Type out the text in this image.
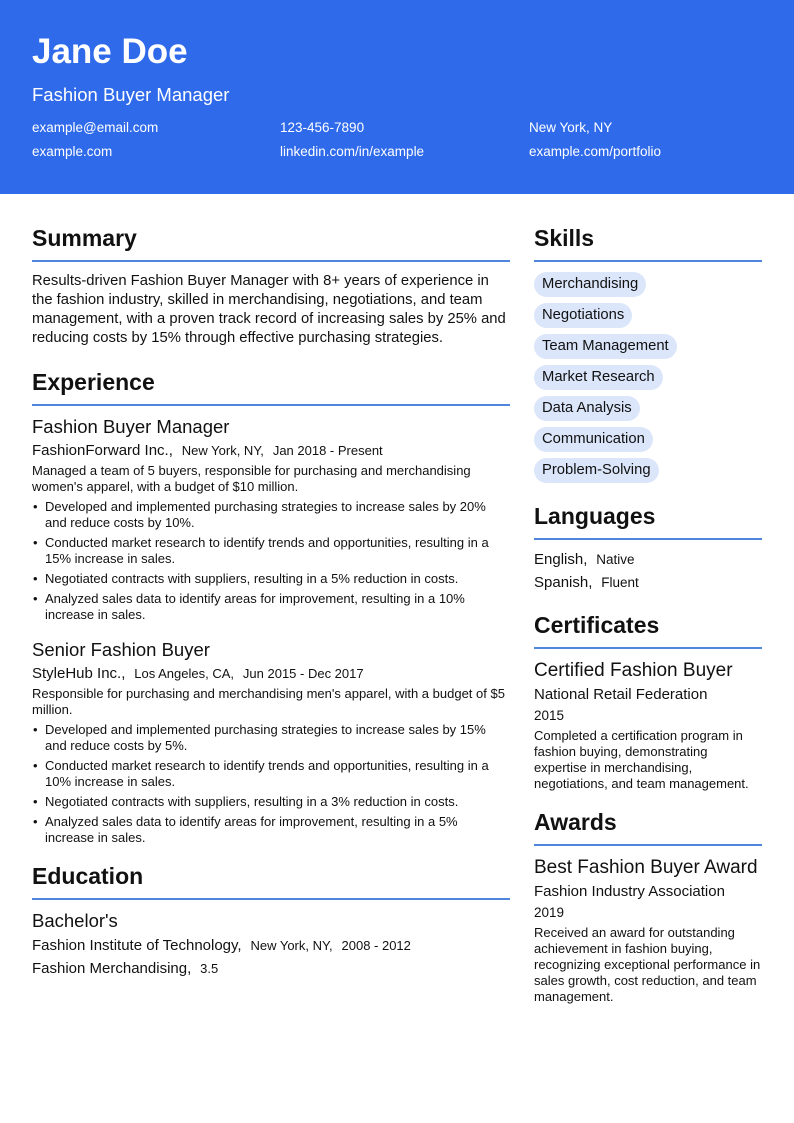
Jane Doe
Fashion Buyer Manager
example@email.com	123-456-7890	New York, NY
example.com	linkedin.com/in/example	example.com/portfolio
Summary

Results-driven Fashion Buyer Manager with 8+ years of experience in the fashion industry, skilled in merchandising, negotiations, and team management, with a proven track record of increasing sales by 25% and reducing costs by 15% through effective purchasing strategies.

Experience
Fashion Buyer Manager
FashionForward Inc., New York, NY, Jan 2018 - Present
Managed a team of 5 buyers, responsible for purchasing and merchandising women's apparel, with a budget of $10 million.
• Developed and implemented purchasing strategies to increase sales by 20% and reduce costs by 10%.
• Conducted market research to identify trends and opportunities, resulting in a 15% increase in sales.
• Negotiated contracts with suppliers, resulting in a 5% reduction in costs.
• Analyzed sales data to identify areas for improvement, resulting in a 10% increase in sales.
Senior Fashion Buyer
StyleHub Inc., Los Angeles, CA, Jun 2015 - Dec 2017
Responsible for purchasing and merchandising men's apparel, with a budget of $5 million.
• Developed and implemented purchasing strategies to increase sales by 15% and reduce costs by 5%.
• Conducted market research to identify trends and opportunities, resulting in a 10% increase in sales.
• Negotiated contracts with suppliers, resulting in a 3% reduction in costs.
• Analyzed sales data to identify areas for improvement, resulting in a 5% increase in sales.
Education
Bachelor's
Fashion Institute of Technology, New York, NY, 2008 - 2012
Fashion Merchandising, 3.5
Skills
Merchandising
Negotiations
Team Management
Market Research
Data Analysis
Communication
Problem-Solving
Languages
English, Native
Spanish, Fluent
Certificates
Certified Fashion Buyer
National Retail Federation
2015
Completed a certification program in fashion buying, demonstrating expertise in merchandising, negotiations, and team management.
Awards
Best Fashion Buyer Award
Fashion Industry Association
2019
Received an award for outstanding achievement in fashion buying, recognizing exceptional performance in sales growth, cost reduction, and team management.
